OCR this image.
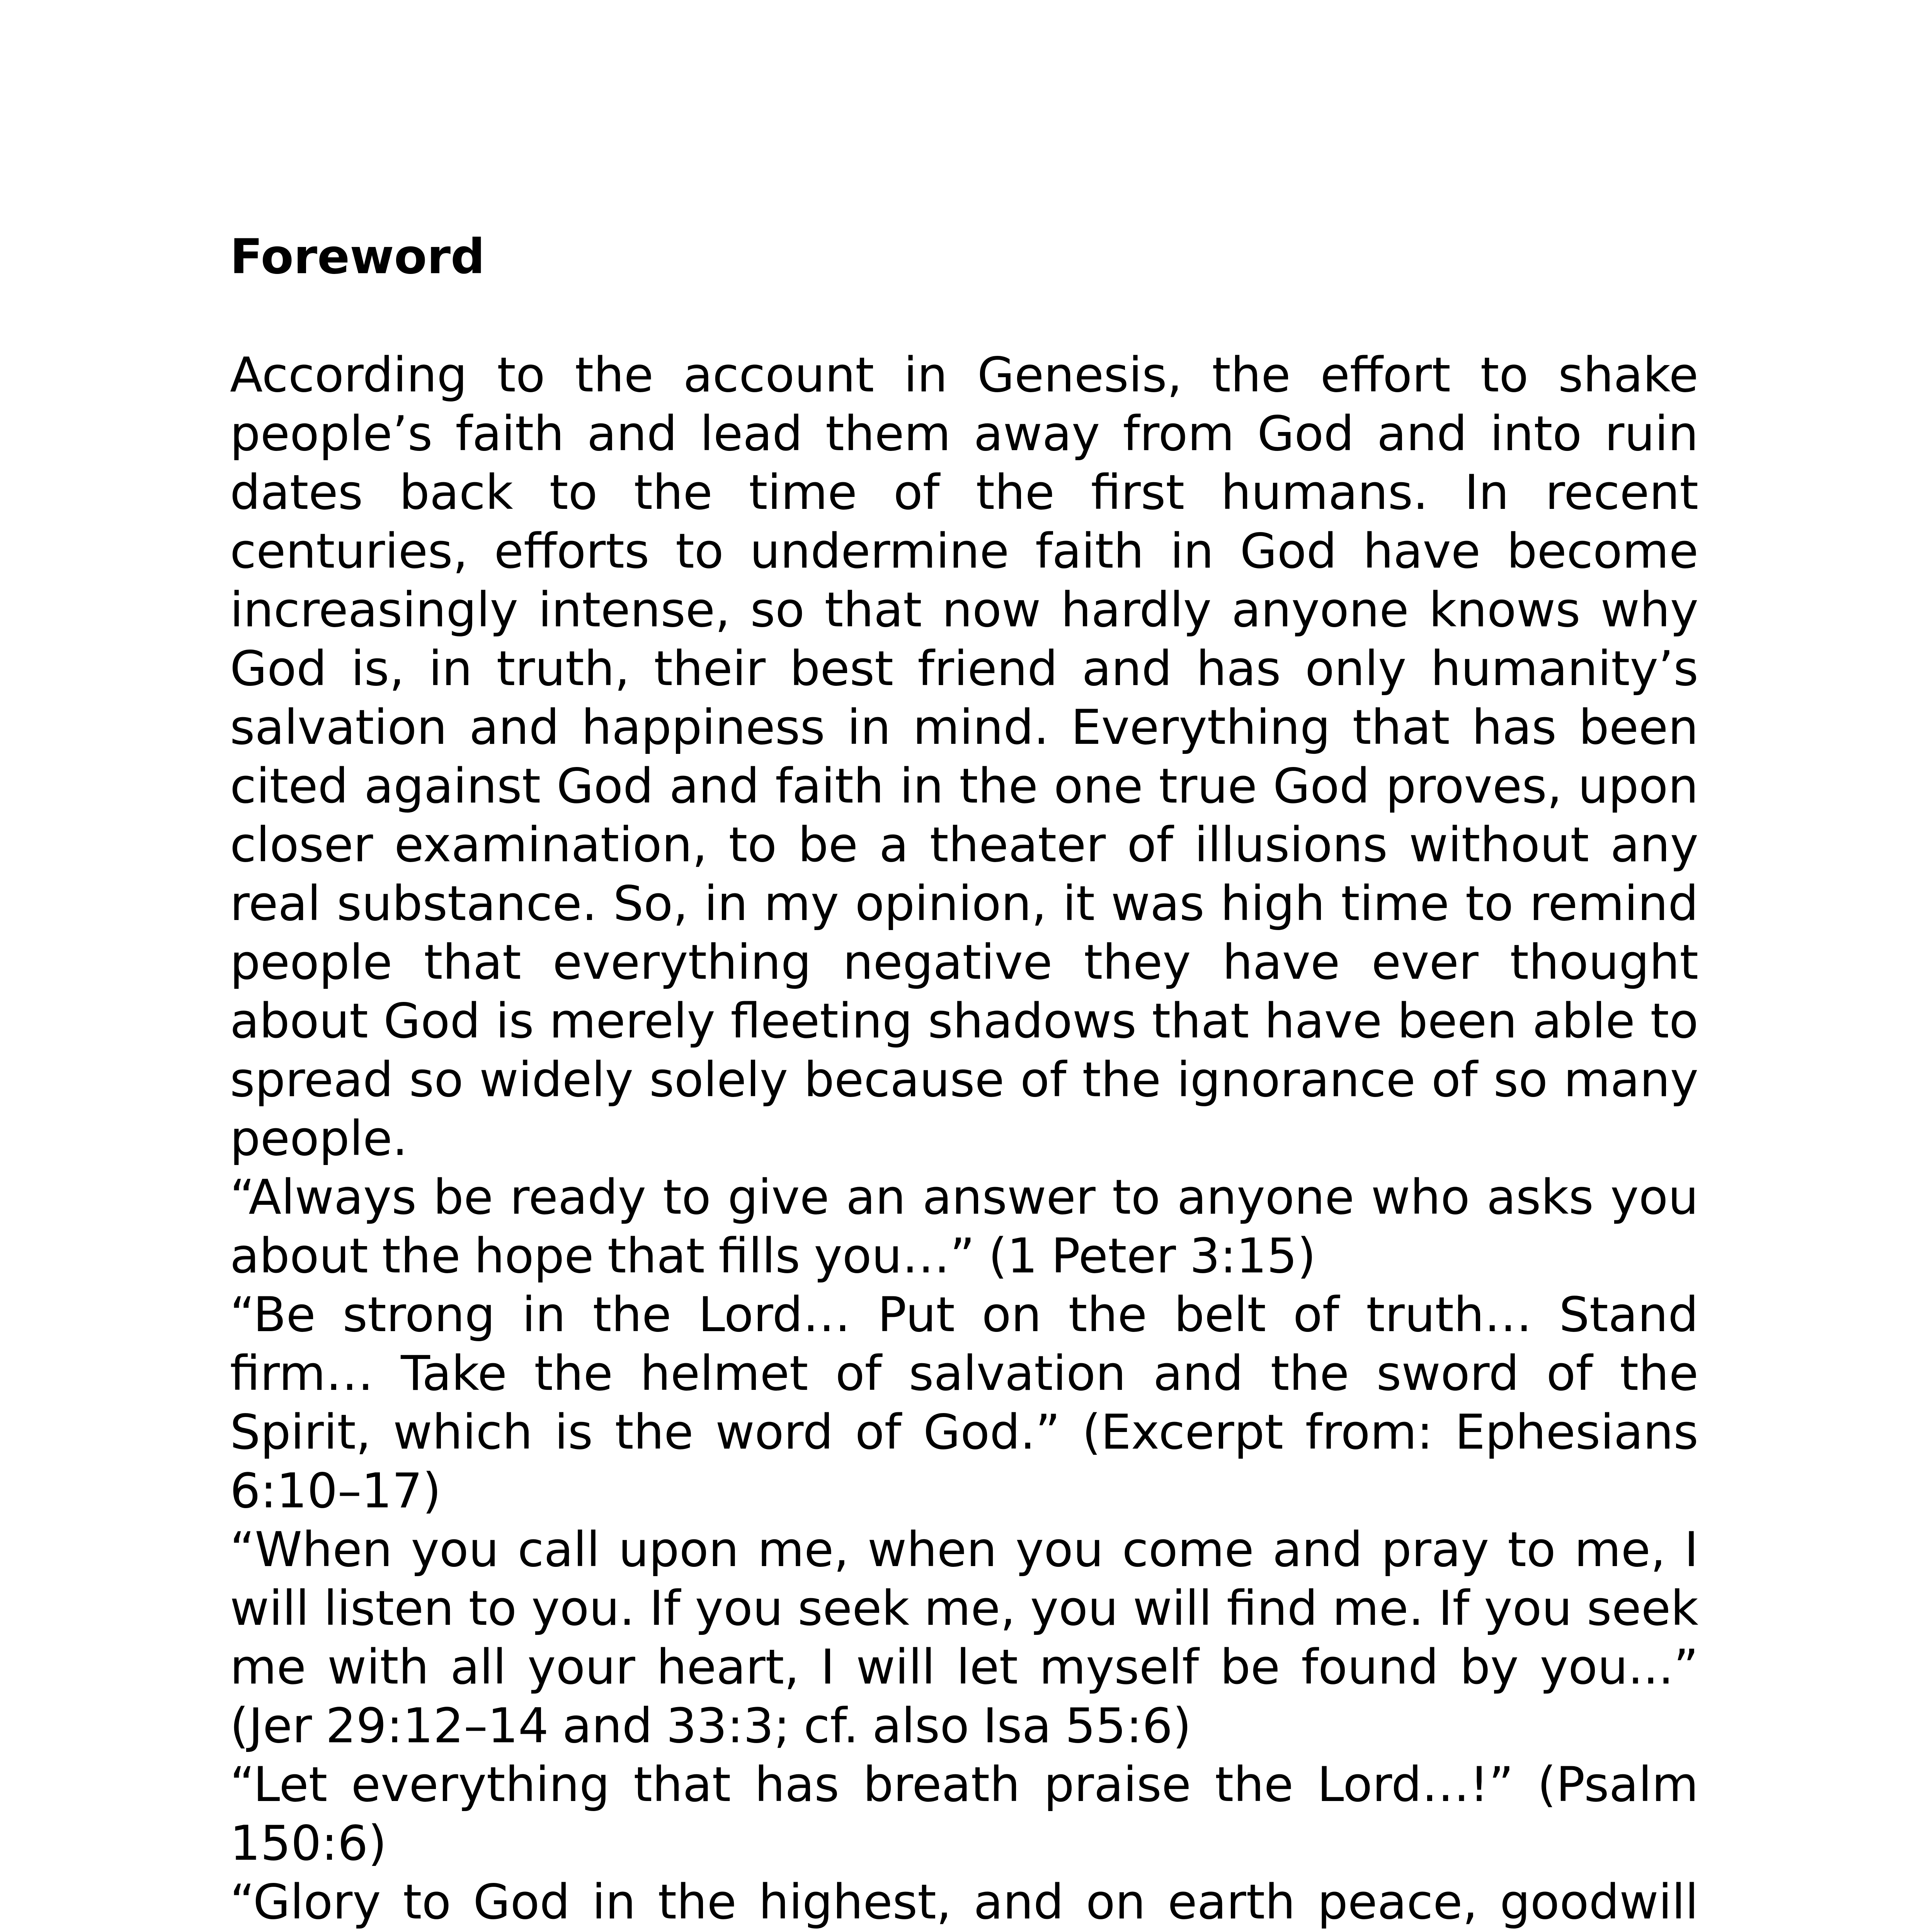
Foreword

According to the account in Genesis, the effort to shake people’s faith and lead them away from God and into ruin dates back to the time of the first humans. In recent centuries, efforts to undermine faith in God have become increasingly intense, so that now hardly anyone knows why God is, in truth, their best friend and has only humanity’s salvation and happiness in mind. Everything that has been cited against God and faith in the one true God proves, upon closer examination, to be a theater of illusions without any real substance. So, in my opinion, it was high time to remind people that everything negative they have ever thought about God is merely fleeting shadows that have been able to spread so widely solely because of the ignorance of so many people.

“Always be ready to give an answer to anyone who asks you about the hope that fills you…” (1 Peter 3:15)

“Be strong in the Lord… Put on the belt of truth… Stand firm… Take the helmet of salvation and the sword of the Spirit, which is the word of God.” (Excerpt from: Ephesians 6:10–17)

“When you call upon me, when you come and pray to me, I will listen to you. If you seek me, you will find me. If you seek me with all your heart, I will let myself be found by you...” (Jer 29:12–14 and 33:3; cf. also Isa 55:6)

“Let everything that has breath praise the Lord…!” (Psalm 150:6)

“Glory to God in the highest, and on earth peace, goodwill
